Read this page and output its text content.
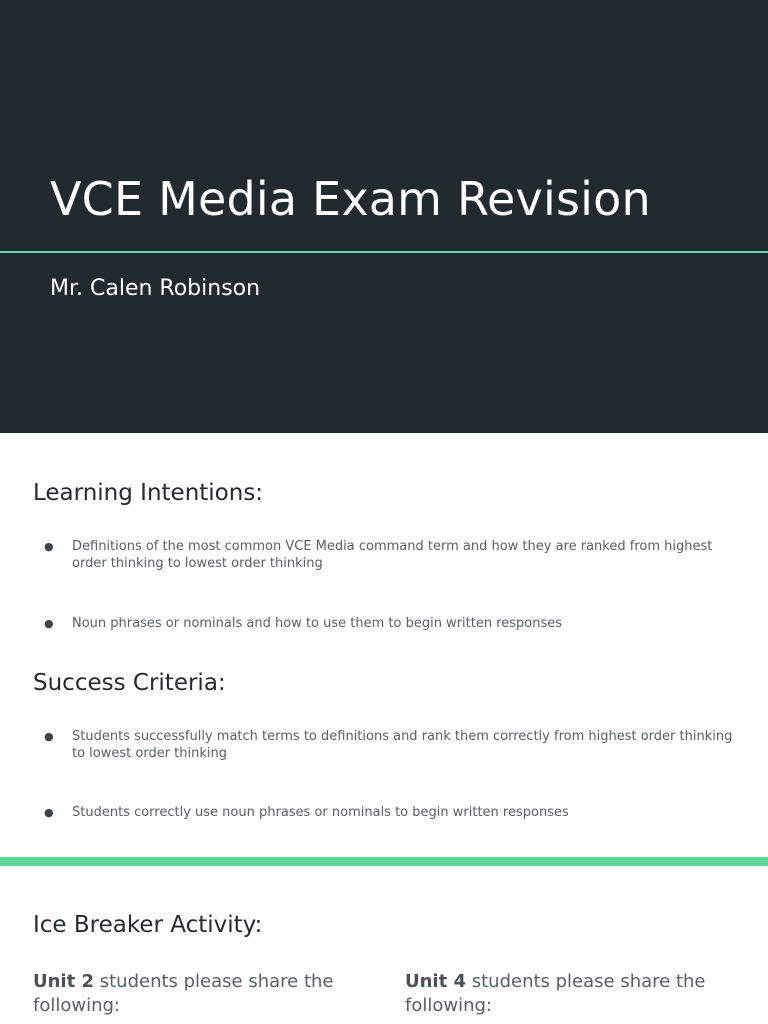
VCE Media Exam Revision

Mr. Calen Robinson

Learning Intentions:
● Definitions of the most common VCE Media command term and how they are ranked from highest order thinking to lowest order thinking
● Noun phrases or nominals and how to use them to begin written responses
Success Criteria:
● Students successfully match terms to definitions and rank them correctly from highest order thinking to lowest order thinking
● Students correctly use noun phrases or nominals to begin written responses
Ice Breaker Activity:
Unit 2 students please share the following:
Unit 4 students please share the following:
